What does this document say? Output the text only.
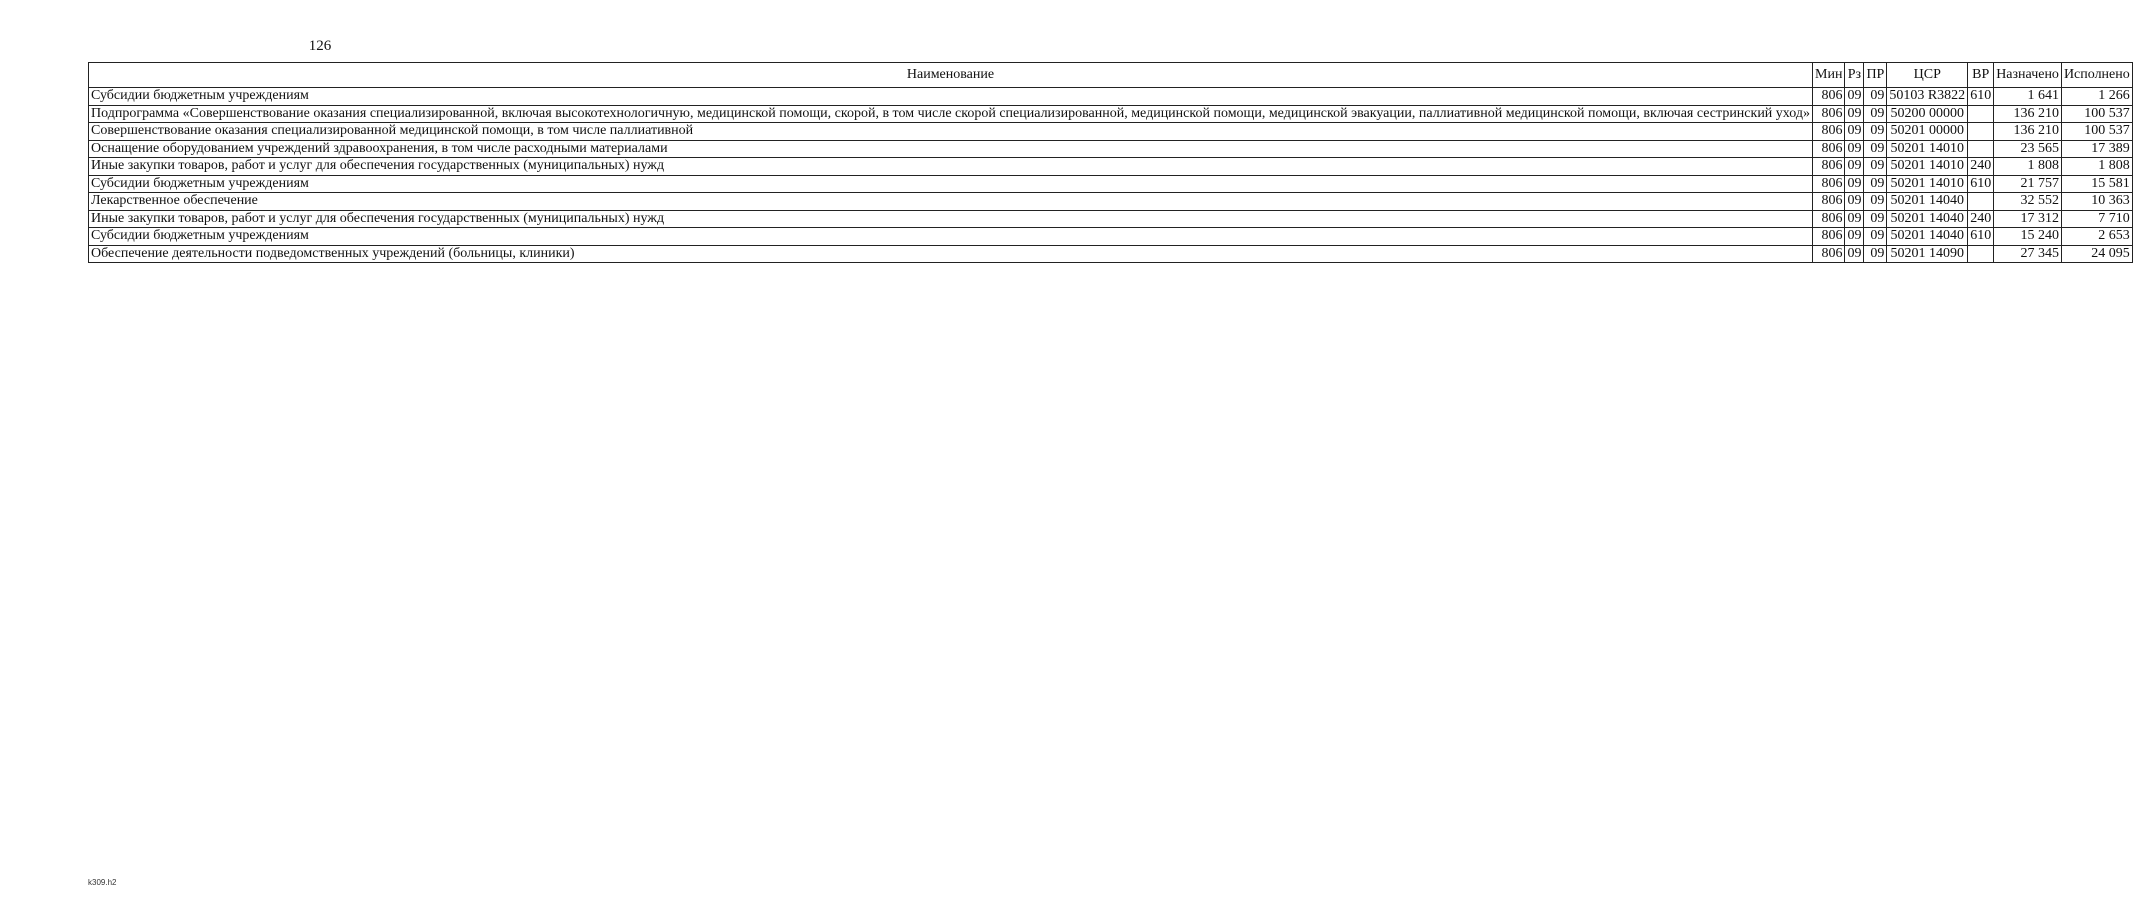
126
Наименование	Мин	Рз	ПР	ЦСР	ВР	Назначено	Исполнено
Субсидии бюджетным учреждениям	806	09	09	50103 R3822	610	1 641	1 266
Подпрограмма «Совершенствование оказания специализированной, включая высокотехнологичную, медицинской помощи, скорой, в том числе скорой специализированной, медицинской помощи, медицинской эвакуации, паллиативной медицинской помощи, включая сестринский уход»	806	09	09	50200 00000		136 210	100 537
Совершенствование оказания специализированной медицинской помощи, в том числе паллиативной	806	09	09	50201 00000		136 210	100 537
Оснащение оборудованием учреждений здравоохранения, в том числе расходными материалами	806	09	09	50201 14010		23 565	17 389
Иные закупки товаров, работ и услуг для обеспечения государственных (муниципальных) нужд	806	09	09	50201 14010	240	1 808	1 808
Субсидии бюджетным учреждениям	806	09	09	50201 14010	610	21 757	15 581
Лекарственное обеспечение	806	09	09	50201 14040		32 552	10 363
Иные закупки товаров, работ и услуг для обеспечения государственных (муниципальных) нужд	806	09	09	50201 14040	240	17 312	7 710
Субсидии бюджетным учреждениям	806	09	09	50201 14040	610	15 240	2 653
Обеспечение деятельности подведомственных учреждений (больницы, клиники)	806	09	09	50201 14090		27 345	24 095
k309.h2
